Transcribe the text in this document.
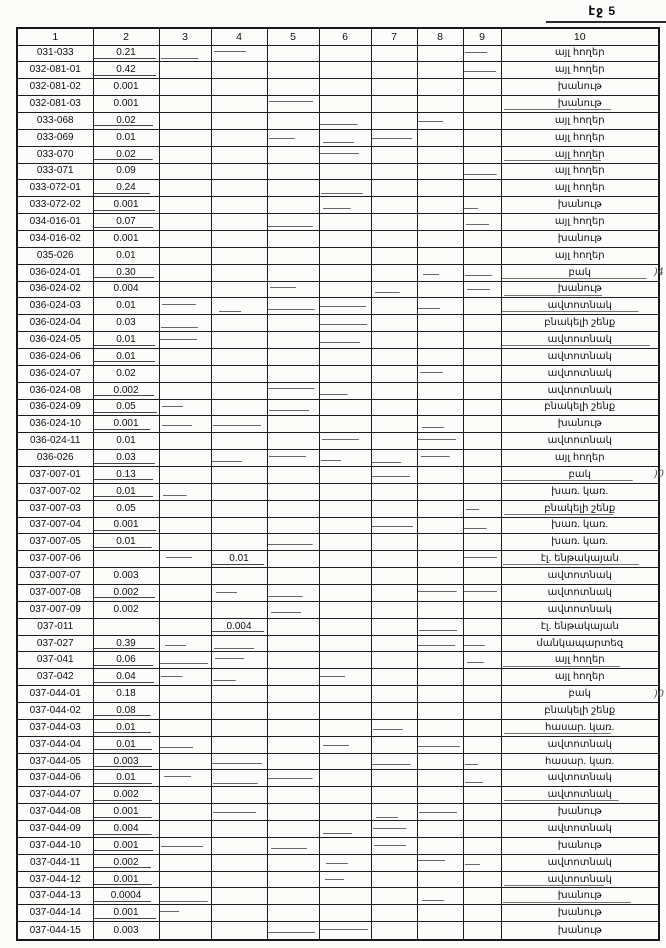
էջ 5
1	2	3	4	5	6	7	8	9	10
031-033	0.21								այլ հողեր
032-081-01	0.42								այլ հողեր
032-081-02	0.001								խանութ
032-081-03	0.001								խանութ
033-068	0.02								այլ հողեր
033-069	0.01								այլ հողեր
033-070	0.02								այլ հողեր
033-071	0.09								այլ հողեր
033-072-01	0.24								այլ հողեր
033-072-02	0.001								խանութ
034-016-01	0.07								այլ հողեր
034-016-02	0.001								խանութ
035-026	0.01								այլ հողեր
036-024-01	0.30								բակ
036-024-02	0.004								խանութ
036-024-03	0.01								ավտոտնակ
036-024-04	0.03								բնակելի շենք
036-024-05	0.01								ավտոտնակ
036-024-06	0.01								ավտոտնակ
036-024-07	0.02								ավտոտնակ
036-024-08	0.002								ավտոտնակ
036-024-09	0.05								բնակելի շենք
036-024-10	0.001								խանութ
036-024-11	0.01								ավտոտնակ
036-026	0.03								այլ հողեր
037-007-01	0.13								բակ
037-007-02	0.01								խառ. կառ.
037-007-03	0.05								բնակելի շենք
037-007-04	0.001								խառ. կառ.
037-007-05	0.01								խառ. կառ.
037-007-06			0.01						էլ. ենթակայան
037-007-07	0.003								ավտոտնակ
037-007-08	0.002								ավտոտնակ
037-007-09	0.002								ավտոտնակ
037-011			0.004						էլ. ենթակայան
037-027	0.39								մանկապարտեզ
037-041	0.06								այլ հողեր
037-042	0.04								այլ հողեր
037-044-01	0.18								բակ
037-044-02	0.08								բնակելի շենք
037-044-03	0.01								հասար. կառ.
037-044-04	0.01								ավտոտնակ
037-044-05	0.003								հասար. կառ.
037-044-06	0.01								ավտոտնակ
037-044-07	0.002								ավտոտնակ
037-044-08	0.001								խանութ
037-044-09	0.004								ավտոտնակ
037-044-10	0.001								խանութ
037-044-11	0.002								ավտոտնակ
037-044-12	0.001								ավտոտնակ
037-044-13	0.0004								խանութ
037-044-14	0.001								խանութ
037-044-15	0.003								խանութ
)4
)0
)0
